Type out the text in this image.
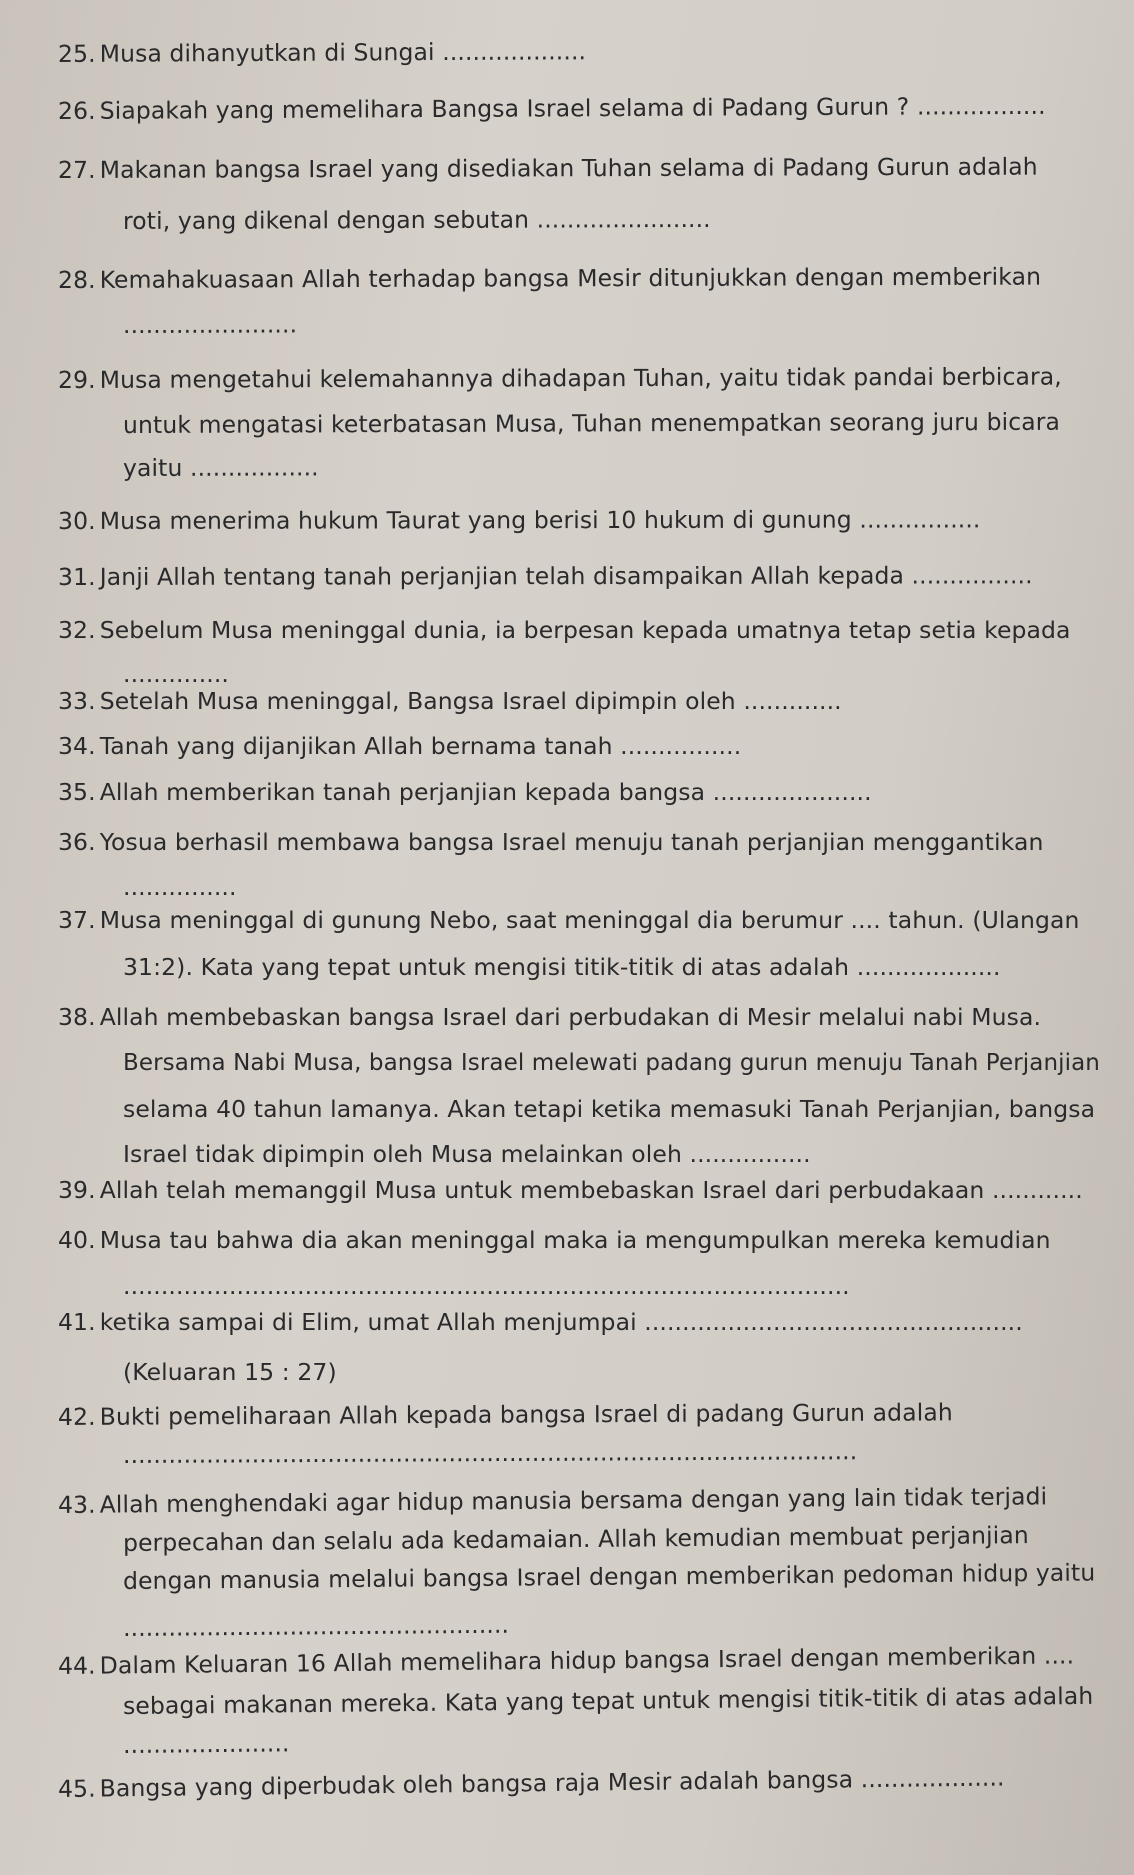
25. Musa dihanyutkan di Sungai ...................
26. Siapakah yang memelihara Bangsa Israel selama di Padang Gurun ? .................
27. Makanan bangsa Israel yang disediakan Tuhan selama di Padang Gurun adalah
roti, yang dikenal dengan sebutan .......................
28. Kemahakuasaan Allah terhadap bangsa Mesir ditunjukkan dengan memberikan
.......................
29. Musa mengetahui kelemahannya dihadapan Tuhan, yaitu tidak pandai berbicara,
untuk mengatasi keterbatasan Musa, Tuhan menempatkan seorang juru bicara
yaitu .................
30. Musa menerima hukum Taurat yang berisi 10 hukum di gunung ................
31. Janji Allah tentang tanah perjanjian telah disampaikan Allah kepada ................
32. Sebelum Musa meninggal dunia, ia berpesan kepada umatnya tetap setia kepada
..............
33. Setelah Musa meninggal, Bangsa Israel dipimpin oleh .............
34. Tanah yang dijanjikan Allah bernama tanah ................
35. Allah memberikan tanah perjanjian kepada bangsa .....................
36. Yosua berhasil membawa bangsa Israel menuju tanah perjanjian menggantikan
...............
37. Musa meninggal di gunung Nebo, saat meninggal dia berumur .... tahun. (Ulangan
31:2). Kata yang tepat untuk mengisi titik-titik di atas adalah ...................
38. Allah membebaskan bangsa Israel dari perbudakan di Mesir melalui nabi Musa.
Bersama Nabi Musa, bangsa Israel melewati padang gurun menuju Tanah Perjanjian
selama 40 tahun lamanya. Akan tetapi ketika memasuki Tanah Perjanjian, bangsa
Israel tidak dipimpin oleh Musa melainkan oleh ................
39. Allah telah memanggil Musa untuk membebaskan Israel dari perbudakaan ............
40. Musa tau bahwa dia akan meninggal maka ia mengumpulkan mereka kemudian
................................................................................................
41. ketika sampai di Elim, umat Allah menjumpai ..................................................
(Keluaran 15 : 27)
42. Bukti pemeliharaan Allah kepada bangsa Israel di padang Gurun adalah
.................................................................................................
43. Allah menghendaki agar hidup manusia bersama dengan yang lain tidak terjadi
perpecahan dan selalu ada kedamaian. Allah kemudian membuat perjanjian
dengan manusia melalui bangsa Israel dengan memberikan pedoman hidup yaitu
...................................................
44. Dalam Keluaran 16 Allah memelihara hidup bangsa Israel dengan memberikan ....
sebagai makanan mereka. Kata yang tepat untuk mengisi titik-titik di atas adalah
......................
45. Bangsa yang diperbudak oleh bangsa raja Mesir adalah bangsa ...................
